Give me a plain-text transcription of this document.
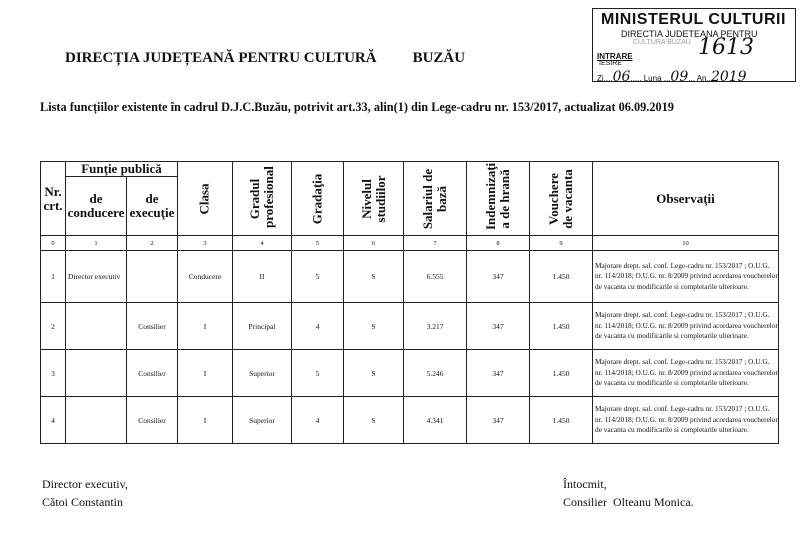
DIRECȚIA JUDEȚEANĂ PENTRU CULTURĂ BUZĂU
Lista funcțiilor existente în cadrul D.J.C.Buzău, potrivit art.33, alin(1) din Lege-cadru nr. 153/2017, actualizat 06.09.2019
MINISTERUL CULTURII
DIRECTIA JUDETEANA PENTRU
CULTURA BUZAU
INTRARE
IESIRE
1613
Zi....06..... Luna ...09... An..2019
Nr. crt.	Funţie publică		Clasa	Gradul profesional	Gradaţia	Nivelul studiilor	Salariul de bază	Indemnizaţi a de hrană	Vouchere de vacanta	Observaţii
	de conducere	de execuţie								
0	1	2	3	4	5	6	7	8	9	10
1	Director executiv		Conducere	II	5	S	6.555	347	1.450	Majorare drept. sal. conf. Lege-cadru nr. 153/2017 ; O.U.G. nr. 114/2018; O.U.G. nr. 8/2009 privind acordarea voucherelor de vacanta cu modificarile si completarile ulterioare.
2		Consilier	I	Principal	4	S	3.217	347	1.450	Majorare drept. sal. conf. Lege-cadru nr. 153/2017 ; O.U.G. nr. 114/2018; O.U.G. nr. 8/2009 privind acordarea voucherelor de vacanta cu modificarile si completarile ulterioare.
3		Consilier	I	Superior	5	S	5.246	347	1.450	Majorare drept. sal. conf. Lege-cadru nr. 153/2017 ; O.U.G. nr. 114/2018; O.U.G. nr. 8/2009 privind acordarea voucherelor de vacanta cu modificarile si completarile ulterioare.
4		Consilier	I	Superior	4	S	4.341	347	1.450	Majorare drept. sal. conf. Lege-cadru nr. 153/2017 ; O.U.G. nr. 114/2018; O.U.G. nr. 8/2009 privind acordarea voucherelor de vacanta cu modificarile si completarile ulterioare.
Director executiv,
Cătoi Constantin
Întocmit,
Consilier  Olteanu Monica.
